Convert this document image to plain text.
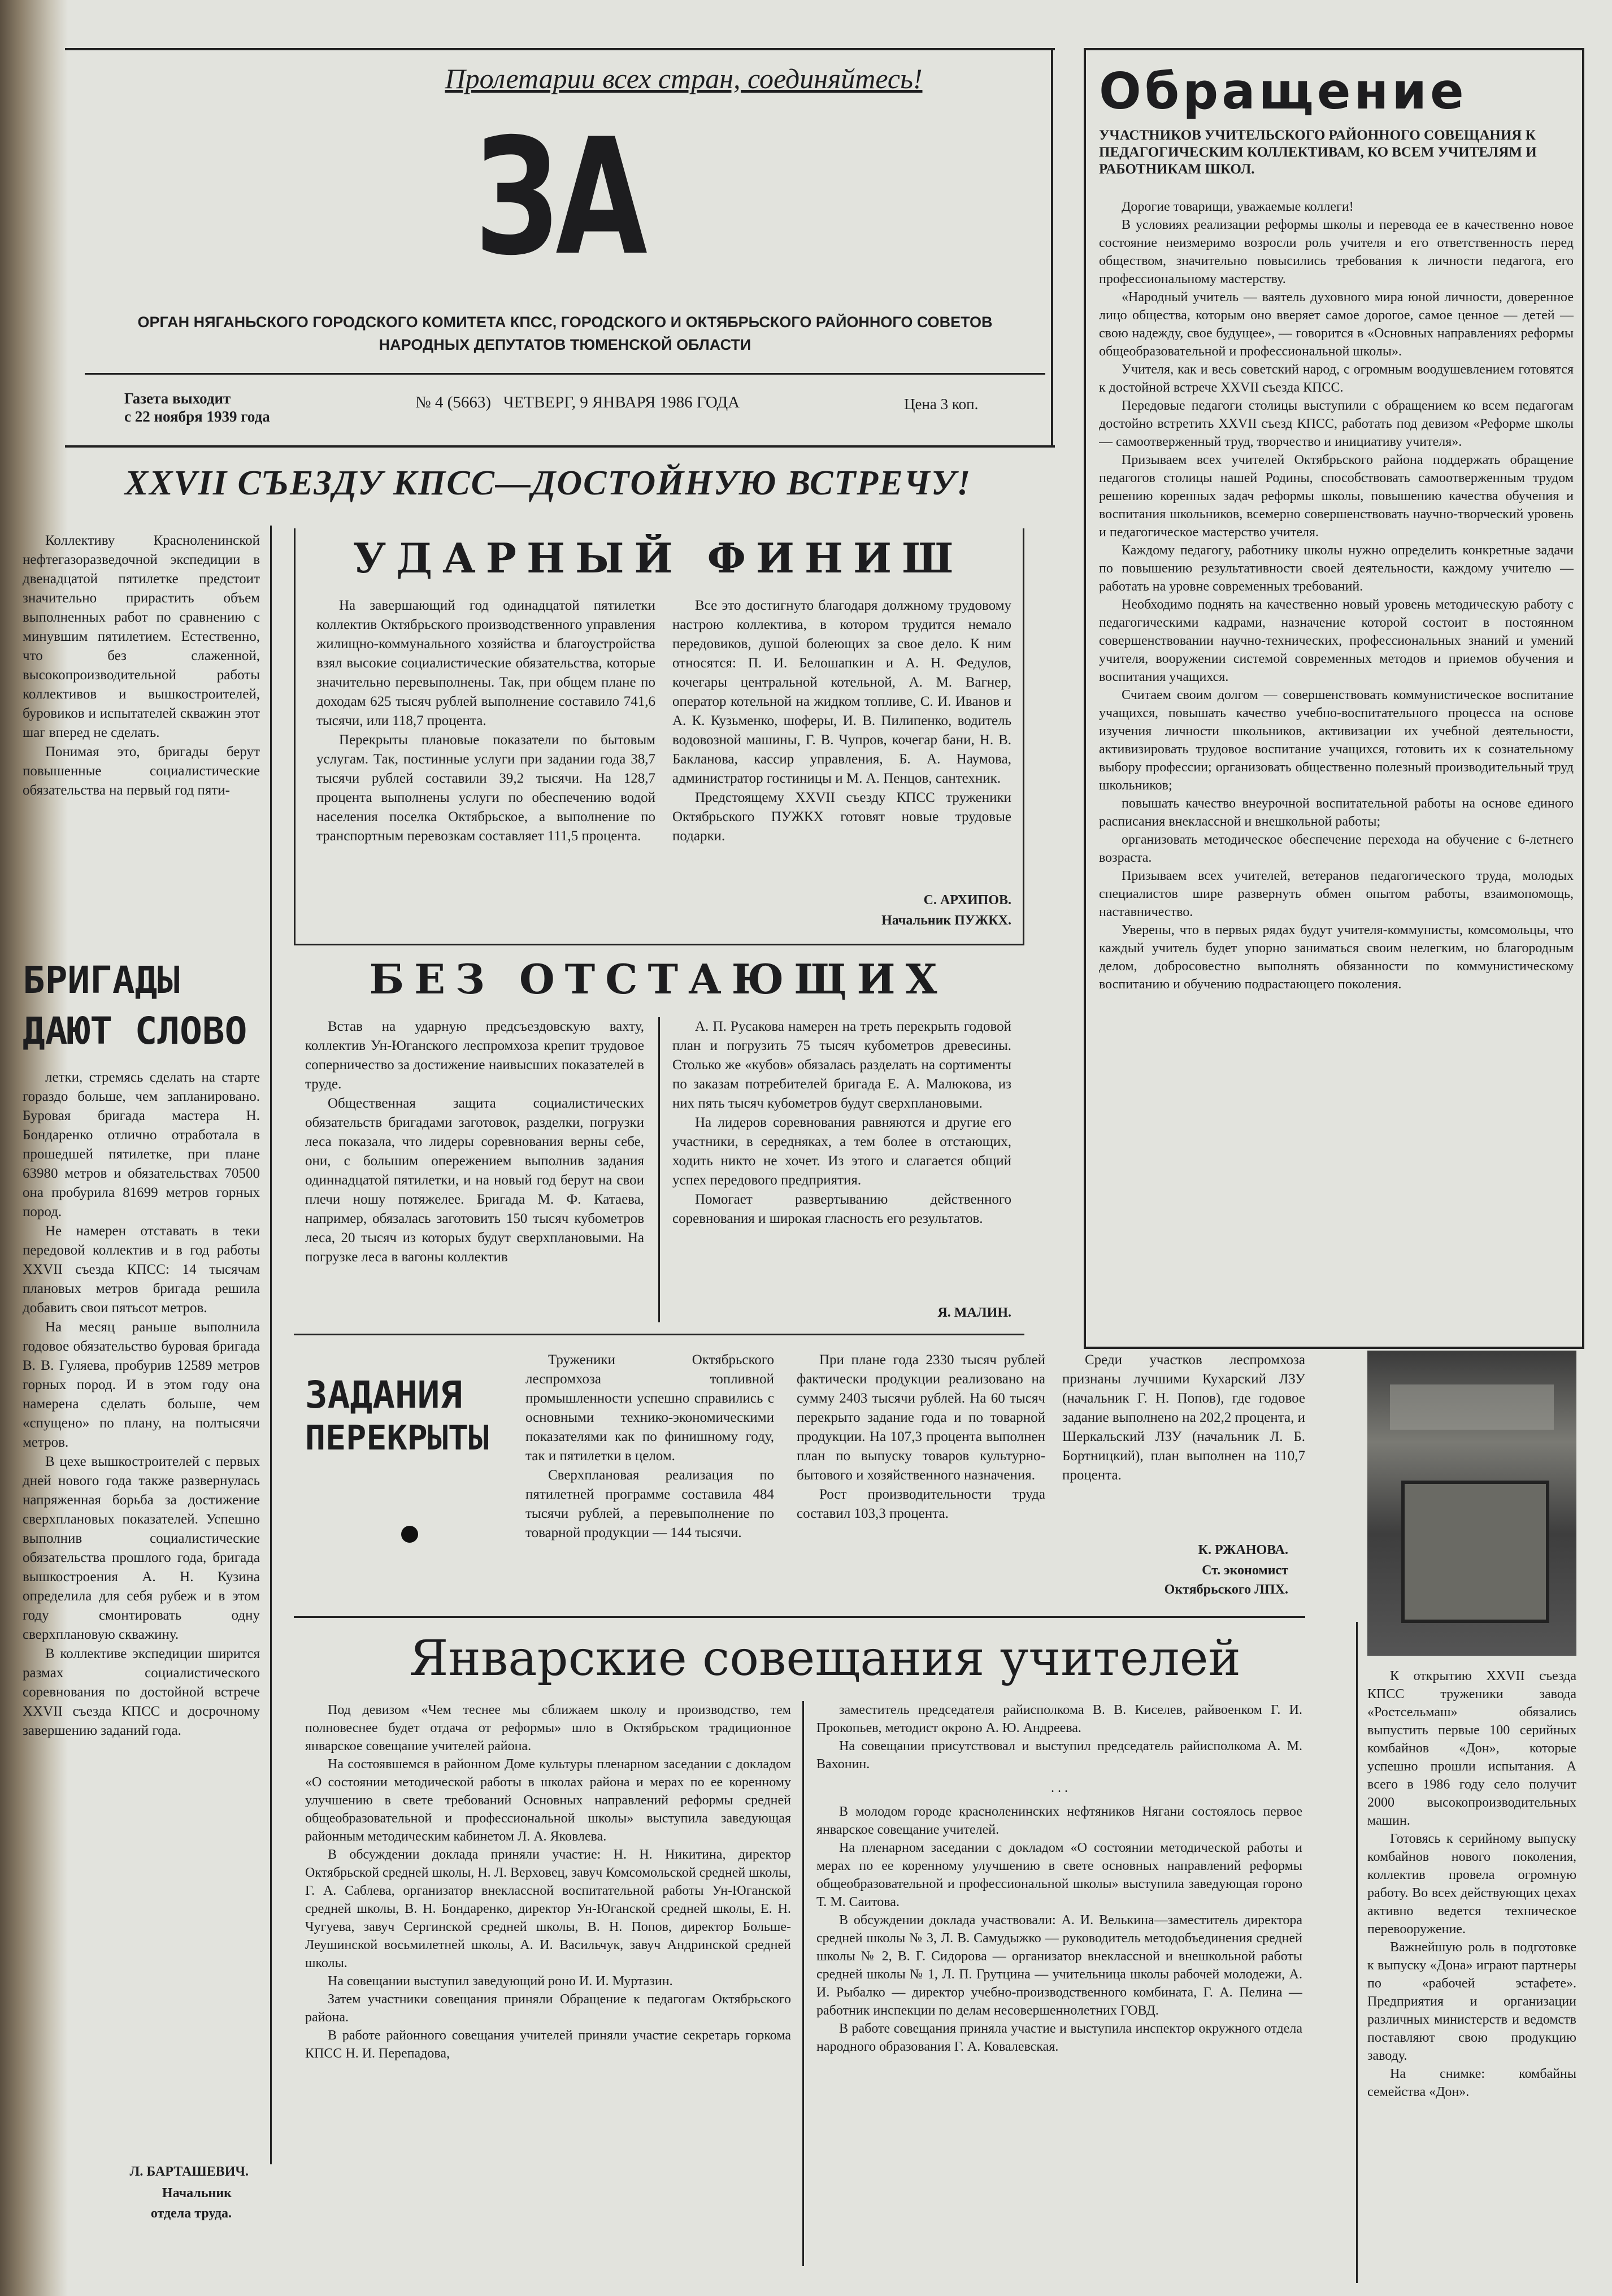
Пролетарии всех стран, соединяйтесь!
ЗА
ОРГАН НЯГАНЬСКОГО ГОРОДСКОГО КОМИТЕТА КПСС, ГОРОДСКОГО И ОКТЯБРЬСКОГО РАЙОННОГО СОВЕТОВ
НАРОДНЫХ ДЕПУТАТОВ ТЮМЕНСКОЙ ОБЛАСТИ
Газета выходит
с 22 ноября 1939 года
№ 4 (5663)   ЧЕТВЕРГ, 9 ЯНВАРЯ 1986 ГОДА	Цена 3 коп.
XXVII СЪЕЗДУ КПСС—ДОСТОЙНУЮ ВСТРЕЧУ!

Коллективу Красноленинской нефтегазоразведочной экспедиции в двенадцатой пятилетке предстоит значительно прирастить объем выполненных работ по сравнению с минувшим пятилетием. Естественно, что без слаженной, высокопроизводительной работы коллективов и вышкостроителей, буровиков и испытателей скважин этот шаг вперед не сделать.

Понимая это, бригады берут повышенные социалистические обязательства на первый год пяти-

БРИГАДЫ ДАЮТ СЛОВО

летки, стремясь сделать на старте гораздо больше, чем запланировано. Буровая бригада мастера Н. Бондаренко отлично отработала в прошедшей пятилетке, при плане 63980 метров и обязательствах 70500 она пробурила 81699 метров горных пород.

Не намерен отставать в теки передовой коллектив и в год работы XXVII съезда КПСС: 14 тысячам плановых метров бригада решила добавить свои пятьсот метров.

На месяц раньше выполнила годовое обязательство буровая бригада В. В. Гуляева, пробурив 12589 метров горных пород. И в этом году она намерена сделать больше, чем «спущено» по плану, на полтысячи метров.

В цехе вышкостроителей с первых дней нового года также развернулась напряженная борьба за достижение сверхплановых показателей. Успешно выполнив социалистические обязательства прошлого года, бригада вышкостроения А. Н. Кузина определила для себя рубеж и в этом году смонтировать одну сверхплановую скважину.

В коллективе экспедиции ширится размах социалистического соревнования по достойной встрече XXVII съезда КПСС и досрочному завершению заданий года.

Л. БАРТАШЕВИЧ.
Начальник
отдела труда.
УДАРНЫЙ ФИНИШ

На завершающий год одинадцатой пятилетки коллектив Октябрьского производственного управления жилищно-коммунального хозяйства и благоустройства взял высокие социалистические обязательства, которые значительно перевыполнены. Так, при общем плане по доходам 625 тысяч рублей выполнение составило 741,6 тысячи, или 118,7 процента.

Перекрыты плановые показатели по бытовым услугам. Так, постинные услуги при задании года 38,7 тысячи рублей составили 39,2 тысячи. На 128,7 процента выполнены услуги по обеспечению водой населения поселка Октябрьское, а выполнение по транспортным перевозкам составляет 111,5 процента.

Все это достигнуто благодаря должному трудовому настрою коллектива, в котором трудится немало передовиков, душой болеющих за свое дело. К ним относятся: П. И. Белошапкин и А. Н. Федулов, кочегары центральной котельной, А. М. Вагнер, оператор котельной на жидком топливе, С. И. Иванов и А. К. Кузьменко, шоферы, И. В. Пилипенко, водитель водовозной машины, Г. В. Чупров, кочегар бани, Н. В. Бакланова, кассир управления, Б. А. Наумова, администратор гостиницы и М. А. Пенцов, сантехник.

Предстоящему XXVII съезду КПСС труженики Октябрьского ПУЖКХ готовят новые трудовые подарки.

С. АРХИПОВ.
Начальник ПУЖКХ.
БЕЗ ОТСТАЮЩИХ

Встав на ударную предсъездовскую вахту, коллектив Ун-Юганского леспромхоза крепит трудовое соперничество за достижение наивысших показателей в труде.

Общественная защита социалистических обязательств бригадами заготовок, разделки, погрузки леса показала, что лидеры соревнования верны себе, они, с большим опережением выполнив задания одиннадцатой пятилетки, и на новый год берут на свои плечи ношу потяжелее. Бригада М. Ф. Катаева, например, обязалась заготовить 150 тысяч кубометров леса, 20 тысяч из которых будут сверхплановыми. На погрузке леса в вагоны коллектив

А. П. Русакова намерен на треть перекрыть годовой план и погрузить 75 тысяч кубометров древесины. Столько же «кубов» обязалась разделать на сортименты по заказам потребителей бригада Е. А. Малюкова, из них пять тысяч кубометров будут сверхплановыми.

На лидеров соревнования равняются и другие его участники, в середняках, а тем более в отстающих, ходить никто не хочет. Из этого и слагается общий успех передового предприятия.

Помогает развертыванию действенного соревнования и широкая гласность его результатов.

Я. МАЛИН.
ЗАДАНИЯ
ПЕРЕКРЫТЫ

Труженики Октябрьского леспромхоза топливной промышленности успешно справились с основными технико-экономическими показателями как по финишному году, так и пятилетки в целом.

Сверхплановая реализация по пятилетней программе составила 484 тысячи рублей, а перевыполнение по товарной продукции — 144 тысячи.

При плане года 2330 тысяч рублей фактически продукции реализовано на сумму 2403 тысячи рублей. На 60 тысяч перекрыто задание года и по товарной продукции. На 107,3 процента выполнен план по выпуску товаров культурно-бытового и хозяйственного назначения.

Рост производительности труда составил 103,3 процента.

Среди участков леспромхоза признаны лучшими Кухарский ЛЗУ (начальник Г. Н. Попов), где годовое задание выполнено на 202,2 процента, и Шеркальский ЛЗУ (начальник Л. Б. Бортницкий), план выполнен на 110,7 процента.

К. РЖАНОВА.
Ст. экономист
Октябрьского ЛПХ.
Обращение
УЧАСТНИКОВ УЧИТЕЛЬСКОГО РАЙОННОГО СОВЕЩАНИЯ К ПЕДАГОГИЧЕСКИМ КОЛЛЕКТИВАМ, КО ВСЕМ УЧИТЕЛЯМ И РАБОТНИКАМ ШКОЛ.

Дорогие товарищи, уважаемые коллеги!

В условиях реализации реформы школы и перевода ее в качественно новое состояние неизмеримо возросли роль учителя и его ответственность перед обществом, значительно повысились требования к личности педагога, его профессиональному мастерству.

«Народный учитель — ваятель духовного мира юной личности, доверенное лицо общества, которым оно вверяет самое дорогое, самое ценное — детей — свою надежду, свое будущее», — говорится в «Основных направлениях реформы общеобразовательной и профессиональной школы».

Учителя, как и весь советский народ, с огромным воодушевлением готовятся к достойной встрече XXVII съезда КПСС.

Передовые педагоги столицы выступили с обращением ко всем педагогам достойно встретить XXVII съезд КПСС, работать под девизом «Реформе школы — самоотверженный труд, творчество и инициативу учителя».

Призываем всех учителей Октябрьского района поддержать обращение педагогов столицы нашей Родины, способствовать самоотверженным трудом решению коренных задач реформы школы, повышению качества обучения и воспитания школьников, всемерно совершенствовать научно-творческий уровень и педагогическое мастерство учителя.

Каждому педагогу, работнику школы нужно определить конкретные задачи по повышению результативности своей деятельности, каждому учителю — работать на уровне современных требований.

Необходимо поднять на качественно новый уровень методическую работу с педагогическими кадрами, назначение которой состоит в постоянном совершенствовании научно-технических, профессиональных знаний и умений учителя, вооружении системой современных методов и приемов обучения и воспитания учащихся.

Считаем своим долгом — совершенствовать коммунистическое воспитание учащихся, повышать качество учебно-воспитательного процесса на основе изучения личности школьников, активизации их учебной деятельности, активизировать трудовое воспитание учащихся, готовить их к сознательному выбору профессии; организовать общественно полезный производительный труд школьников;

повышать качество внеурочной воспитательной работы на основе единого расписания внеклассной и внешкольной работы;

организовать методическое обеспечение перехода на обучение с 6-летнего возраста.

Призываем всех учителей, ветеранов педагогического труда, молодых специалистов шире развернуть обмен опытом работы, взаимопомощь, наставничество.

Уверены, что в первых рядах будут учителя-коммунисты, комсомольцы, что каждый учитель будет упорно заниматься своим нелегким, но благородным делом, добросовестно выполнять обязанности по коммунистическому воспитанию и обучению подрастающего поколения.

К открытию XXVII съезда КПСС труженики завода «Ростсельмаш» обязались выпустить первые 100 серийных комбайнов «Дон», которые успешно прошли испытания. А всего в 1986 году село получит 2000 высокопроизводительных машин.

Готовясь к серийному выпуску комбайнов нового поколения, коллектив провела огромную работу. Во всех действующих цехах активно ведется техническое перевооружение.

Важнейшую роль в подготовке к выпуску «Дона» играют партнеры по «рабочей эстафете». Предприятия и организации различных министерств и ведомств поставляют свою продукцию заводу.

На снимке: комбайны семейства «Дон».

Январские совещания учителей

Под девизом «Чем теснее мы сближаем школу и производство, тем полновеснее будет отдача от реформы» шло в Октябрьском традиционное январское совещание учителей района.

На состоявшемся в районном Доме культуры пленарном заседании с докладом «О состоянии методической работы в школах района и мерах по ее коренному улучшению в свете требований Основных направлений реформы средней общеобразовательной и профессиональной школы» выступила заведующая районным методическим кабинетом Л. А. Яковлева.

В обсуждении доклада приняли участие: Н. Н. Никитина, директор Октябрьской средней школы, Н. Л. Верховец, завуч Комсомольской средней школы, Г. А. Саблева, организатор внеклассной воспитательной работы Ун-Юганской средней школы, В. Н. Бондаренко, директор Ун-Юганской средней школы, Е. Н. Чугуева, завуч Сергинской средней школы, В. Н. Попов, директор Больше-Леушинской восьмилетней школы, А. И. Васильчук, завуч Андринской средней школы.

На совещании выступил заведующий роно И. И. Муртазин.

Затем участники совещания приняли Обращение к педагогам Октябрьского района.

В работе районного совещания учителей приняли участие секретарь горкома КПСС Н. И. Перепадова,

заместитель председателя райисполкома В. В. Киселев, райвоенком Г. И. Прокопьев, методист окроно А. Ю. Андреева.

На совещании присутствовал и выступил председатель райисполкома А. М. Вахонин.

. . .

В молодом городе красноленинских нефтяников Нягани состоялось первое январское совещание учителей.

На пленарном заседании с докладом «О состоянии методической работы и мерах по ее коренному улучшению в свете основных направлений реформы общеобразовательной и профессиональной школы» выступила заведующая гороно Т. М. Саитова.

В обсуждении доклада участвовали: А. И. Велькина—заместитель директора средней школы № 3, Л. В. Самудыжко — руководитель методобъединения средней школы № 2, В. Г. Сидорова — организатор внеклассной и внешкольной работы средней школы № 1, Л. П. Грутцина — учительница школы рабочей молодежи, А. И. Рыбалко — директор учебно-производственного комбината, Г. А. Пелина — работник инспекции по делам несовершеннолетних ГОВД.

В работе совещания приняла участие и выступила инспектор окружного отдела народного образования Г. А. Ковалевская.
